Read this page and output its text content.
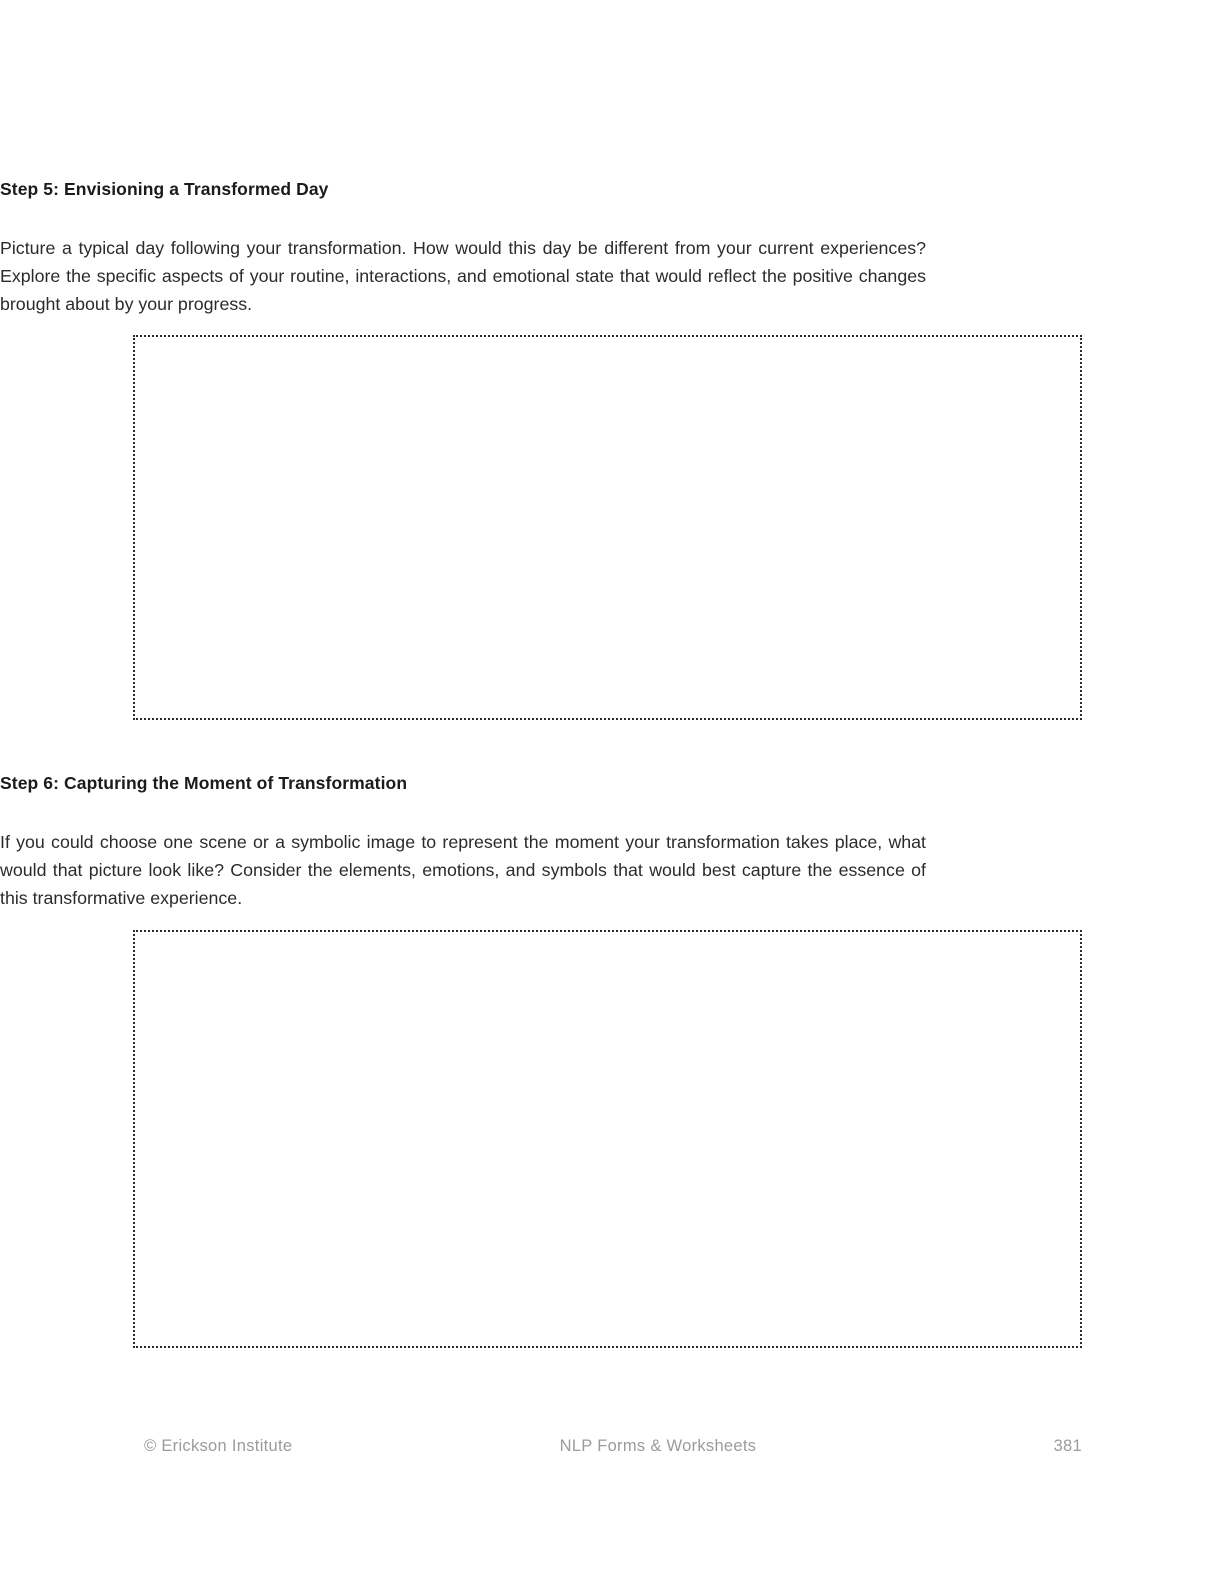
Step 5: Envisioning a Transformed Day

Picture a typical day following your transformation. How would this day be different from your current experiences? Explore the specific aspects of your routine, interactions, and emotional state that would reflect the positive changes brought about by your progress.

Step 6: Capturing the Moment of Transformation

If you could choose one scene or a symbolic image to represent the moment your transformation takes place, what would that picture look like? Consider the elements, emotions, and symbols that would best capture the essence of this transformative experience.

© Erickson Institute	NLP Forms & Worksheets	381
